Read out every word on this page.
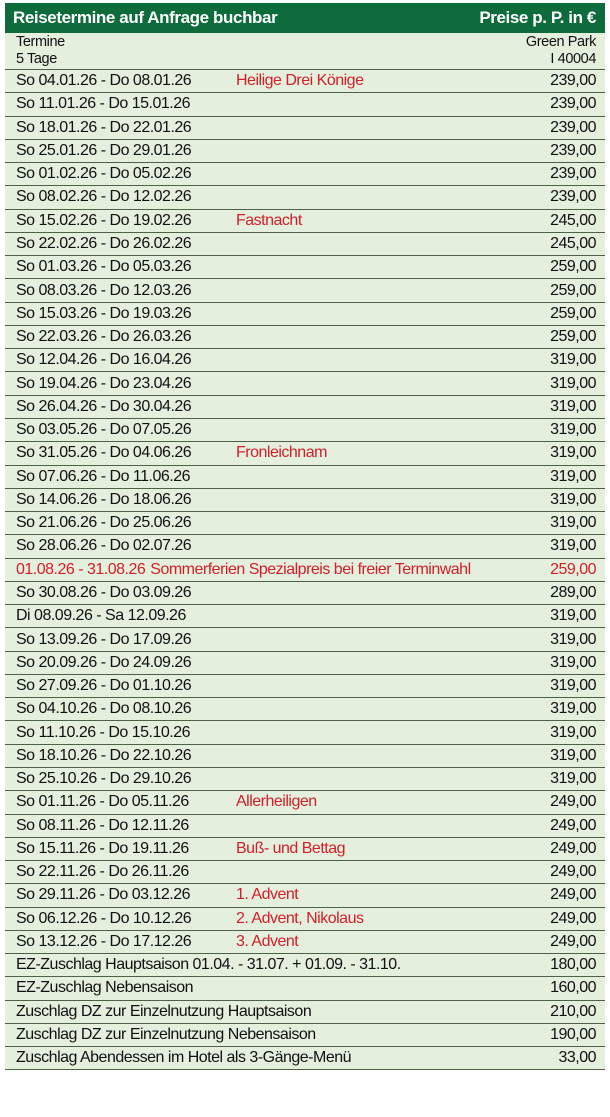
Reisetermine auf Anfrage buchbar	Preise p. P. in €
Termine
5 Tage
Green Park
I 40004
So 04.01.26 - Do 08.01.26	Heilige Drei Könige	239,00
So 11.01.26 - Do 15.01.26	239,00
So 18.01.26 - Do 22.01.26	239,00
So 25.01.26 - Do 29.01.26	239,00
So 01.02.26 - Do 05.02.26	239,00
So 08.02.26 - Do 12.02.26	239,00
So 15.02.26 - Do 19.02.26	Fastnacht	245,00
So 22.02.26 - Do 26.02.26	245,00
So 01.03.26 - Do 05.03.26	259,00
So 08.03.26 - Do 12.03.26	259,00
So 15.03.26 - Do 19.03.26	259,00
So 22.03.26 - Do 26.03.26	259,00
So 12.04.26 - Do 16.04.26	319,00
So 19.04.26 - Do 23.04.26	319,00
So 26.04.26 - Do 30.04.26	319,00
So 03.05.26 - Do 07.05.26	319,00
So 31.05.26 - Do 04.06.26	Fronleichnam	319,00
So 07.06.26 - Do 11.06.26	319,00
So 14.06.26 - Do 18.06.26	319,00
So 21.06.26 - Do 25.06.26	319,00
So 28.06.26 - Do 02.07.26	319,00
01.08.26 - 31.08.26 Sommerferien Spezialpreis bei freier Terminwahl	259,00
So 30.08.26 - Do 03.09.26	289,00
Di 08.09.26 - Sa 12.09.26	319,00
So 13.09.26 - Do 17.09.26	319,00
So 20.09.26 - Do 24.09.26	319,00
So 27.09.26 - Do 01.10.26	319,00
So 04.10.26 - Do 08.10.26	319,00
So 11.10.26 - Do 15.10.26	319,00
So 18.10.26 - Do 22.10.26	319,00
So 25.10.26 - Do 29.10.26	319,00
So 01.11.26 - Do 05.11.26	Allerheiligen	249,00
So 08.11.26 - Do 12.11.26	249,00
So 15.11.26 - Do 19.11.26	Buß- und Bettag	249,00
So 22.11.26 - Do 26.11.26	249,00
So 29.11.26 - Do 03.12.26	1. Advent	249,00
So 06.12.26 - Do 10.12.26	2. Advent, Nikolaus	249,00
So 13.12.26 - Do 17.12.26	3. Advent	249,00
EZ-Zuschlag Hauptsaison 01.04. - 31.07. + 01.09. - 31.10.	180,00
EZ-Zuschlag Nebensaison	160,00
Zuschlag DZ zur Einzelnutzung Hauptsaison	210,00
Zuschlag DZ zur Einzelnutzung Nebensaison	190,00
Zuschlag Abendessen im Hotel als 3-Gänge-Menü	33,00
